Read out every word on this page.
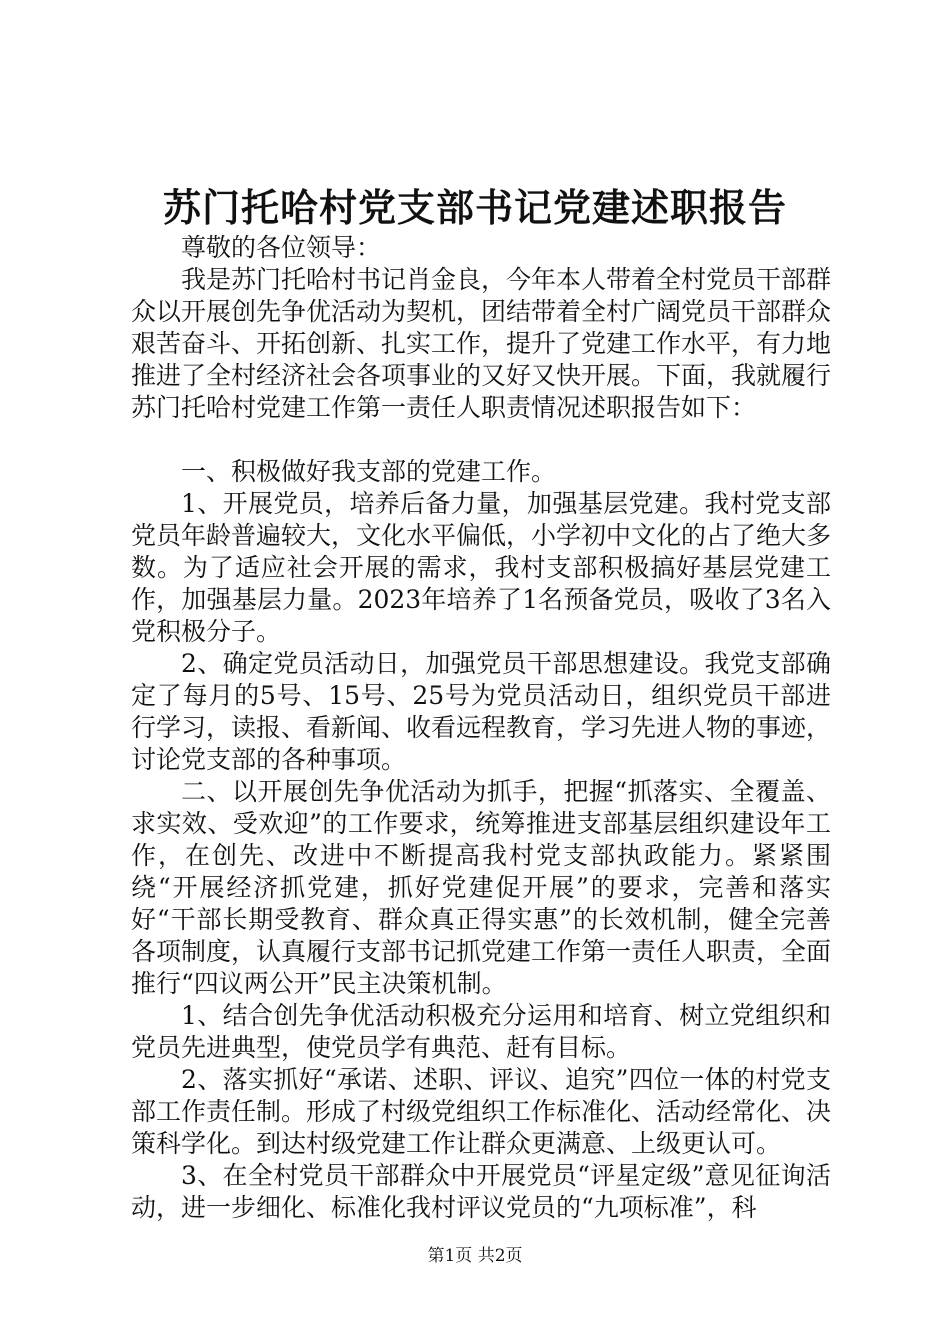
苏门托哈村党支部书记党建述职报告

尊敬的各位领导：

我是苏门托哈村书记肖金良，今年本人带着全村党员干部群众以开展创先争优活动为契机，团结带着全村广阔党员干部群众艰苦奋斗、开拓创新、扎实工作，提升了党建工作水平，有力地推进了全村经济社会各项事业的又好又快开展。下面，我就履行苏门托哈村党建工作第一责任人职责情况述职报告如下：

一、积极做好我支部的党建工作。

1、开展党员，培养后备力量，加强基层党建。我村党支部党员年龄普遍较大，文化水平偏低，小学初中文化的占了绝大多数。为了适应社会开展的需求，我村支部积极搞好基层党建工作，加强基层力量。2023年培养了1名预备党员，吸收了3名入党积极分子。

2、确定党员活动日，加强党员干部思想建设。我党支部确定了每月的5号、15号、25号为党员活动日，组织党员干部进行学习，读报、看新闻、收看远程教育，学习先进人物的事迹，讨论党支部的各种事项。

二、以开展创先争优活动为抓手，把握“抓落实、全覆盖、求实效、受欢迎”的工作要求，统筹推进支部基层组织建设年工作，在创先、改进中不断提高我村党支部执政能力。紧紧围绕“开展经济抓党建，抓好党建促开展”的要求，完善和落实好“干部长期受教育、群众真正得实惠”的长效机制，健全完善各项制度，认真履行支部书记抓党建工作第一责任人职责，全面推行“四议两公开”民主决策机制。

1、结合创先争优活动积极充分运用和培育、树立党组织和党员先进典型，使党员学有典范、赶有目标。

2、落实抓好“承诺、述职、评议、追究”四位一体的村党支部工作责任制。形成了村级党组织工作标准化、活动经常化、决策科学化。到达村级党建工作让群众更满意、上级更认可。

3、在全村党员干部群众中开展党员“评星定级”意见征询活动，进一步细化、标准化我村评议党员的“九项标准”，科

第1页 共2页
